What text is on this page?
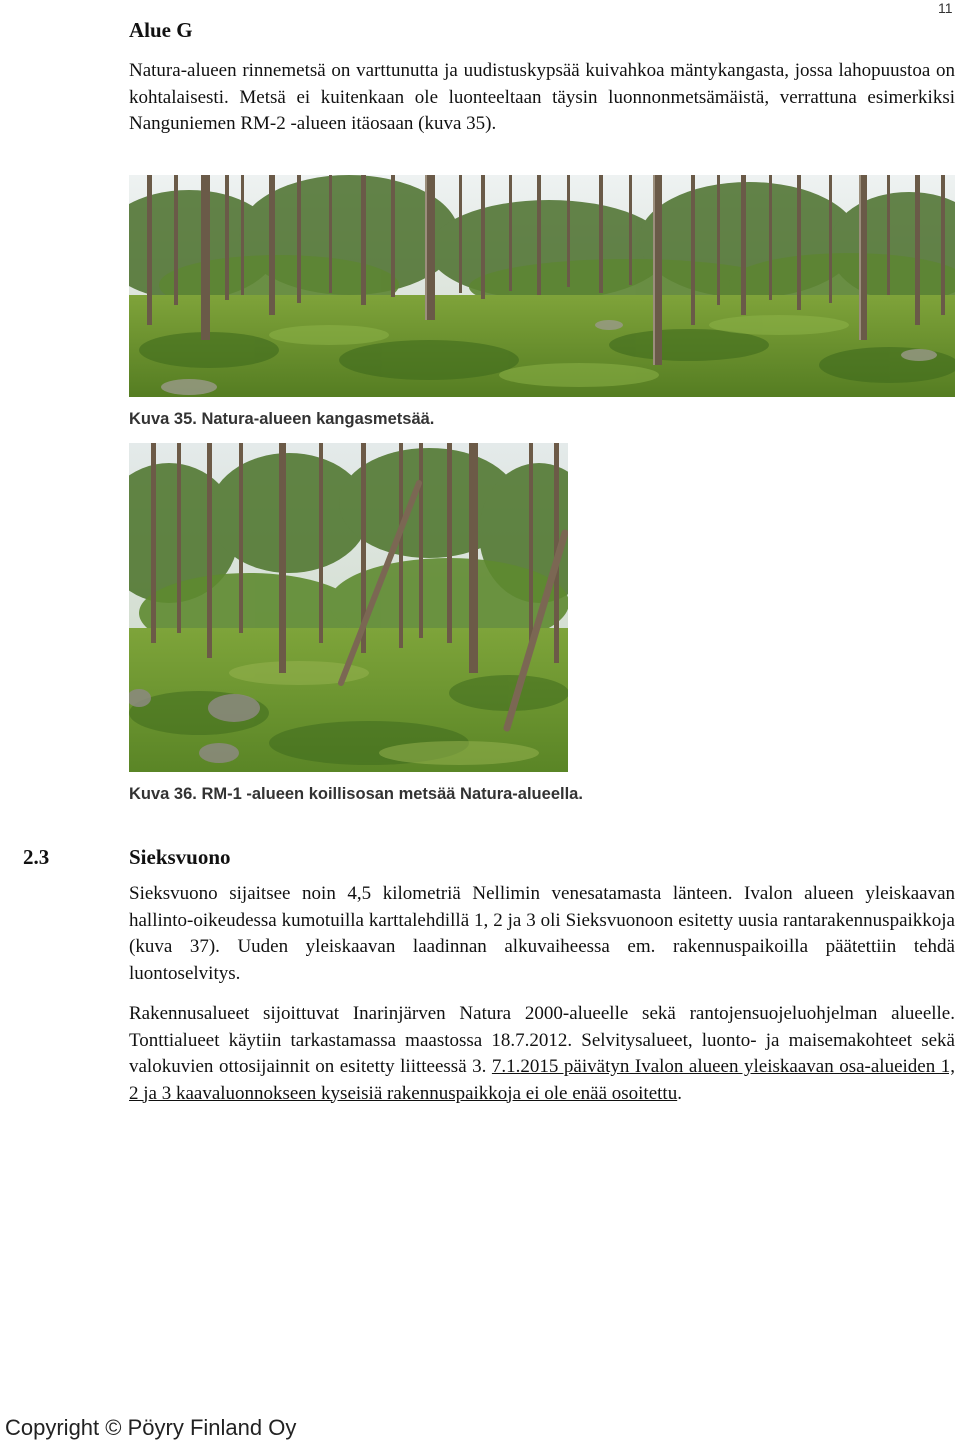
11
Alue G
Natura-alueen rinnemetsä on varttunutta ja uudistuskypsää kuivahkoa mäntykangasta, jossa lahopuustoa on kohtalaisesti. Metsä ei kuitenkaan ole luonteeltaan täysin luonnonmetsämäistä, verrattuna esimerkiksi Nanguniemen RM-2 -alueen itäosaan (kuva 35).
Kuva 35. Natura-alueen kangasmetsää.
Kuva 36. RM-1 -alueen koillisosan metsää Natura-alueella.
2.3	Sieksvuono
Sieksvuono sijaitsee noin 4,5 kilometriä Nellimin venesatamasta länteen. Ivalon alueen yleiskaavan hallinto-oikeudessa kumotuilla karttalehdillä 1, 2 ja 3 oli Sieksvuonoon esitetty uusia rantarakennuspaikkoja (kuva 37). Uuden yleiskaavan laadinnan alkuvaiheessa em. rakennuspaikoilla päätettiin tehdä luontoselvitys.
Rakennusalueet sijoittuvat Inarinjärven Natura 2000-alueelle sekä rantojensuojeluohjelman alueelle. Tonttialueet käytiin tarkastamassa maastossa 18.7.2012. Selvitysalueet, luonto- ja maisemakohteet sekä valokuvien ottosijainnit on esitetty liitteessä 3. 7.1.2015 päivätyn Ivalon alueen yleiskaavan osa-alueiden 1, 2 ja 3 kaavaluonnokseen kyseisiä rakennuspaikkoja ei ole enää osoitettu.
Copyright © Pöyry Finland Oy
